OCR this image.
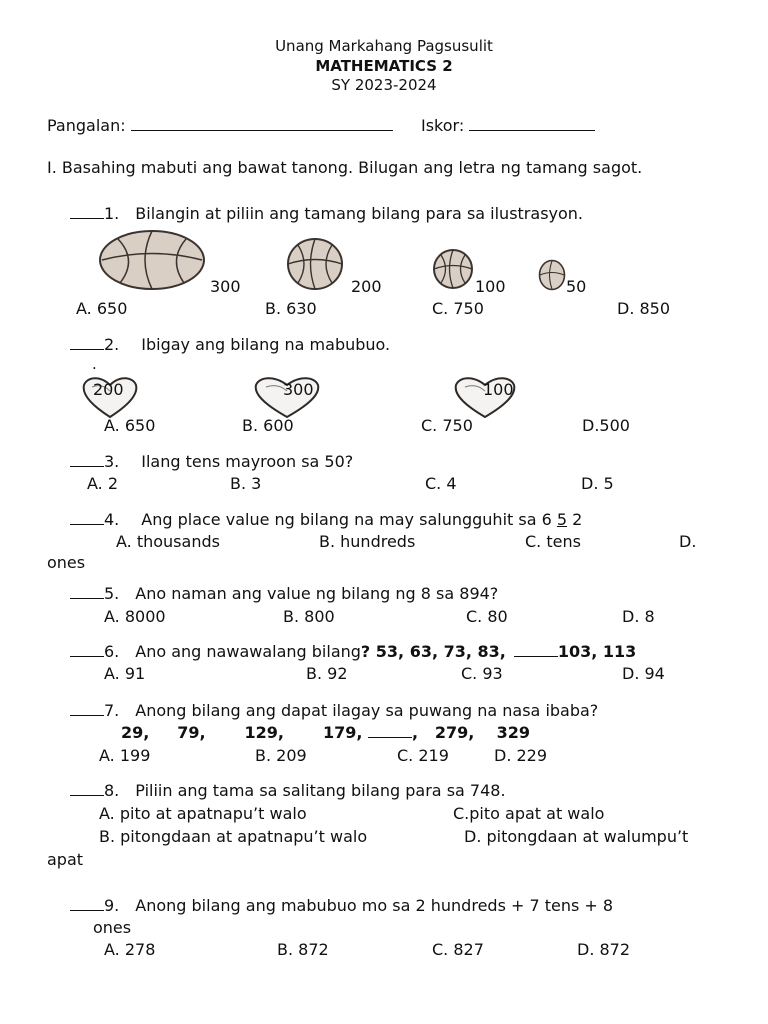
Unang Markahang Pagsusulit
MATHEMATICS 2
SY 2023-2024
Pangalan:	Iskor:
I. Basahing mabuti ang bawat tanong. Bilugan ang letra ng tamang sagot.
1. Bilangin at piliin ang tamang bilang para sa ilustrasyon.
300	200	100	50
A. 650	B. 630	C. 750	D. 850
2. Ibigay ang bilang na mabubuo.
.
200	300	100
A. 650	B. 600	C. 750	D.500
3. Ilang tens mayroon sa 50?
A. 2	B. 3	C. 4	D. 5
4. Ang place value ng bilang na may salungguhit sa 6 5 2
A. thousands	B. hundreds	C. tens	D.
ones
5. Ano naman ang value ng bilang ng 8 sa 894?
A. 8000	B. 800	C. 80	D. 8
6. Ano ang nawawalang bilang? 53, 63, 73, 83,	103, 113
A. 91	B. 92	C. 93	D. 94
7. Anong bilang ang dapat ilagay sa puwang na nasa ibaba?
29,     79,       129,       179,	,   279,    329
A. 199	B. 209	C. 219	D. 229
8. Piliin ang tama sa salitang bilang para sa 748.
A. pito at apatnapu’t walo	C.pito apat at walo
B. pitongdaan at apatnapu’t walo	D. pitongdaan at walumpu’t
apat
9. Anong bilang ang mabubuo mo sa 2 hundreds + 7 tens + 8
ones
A. 278	B. 872	C. 827	D. 872
